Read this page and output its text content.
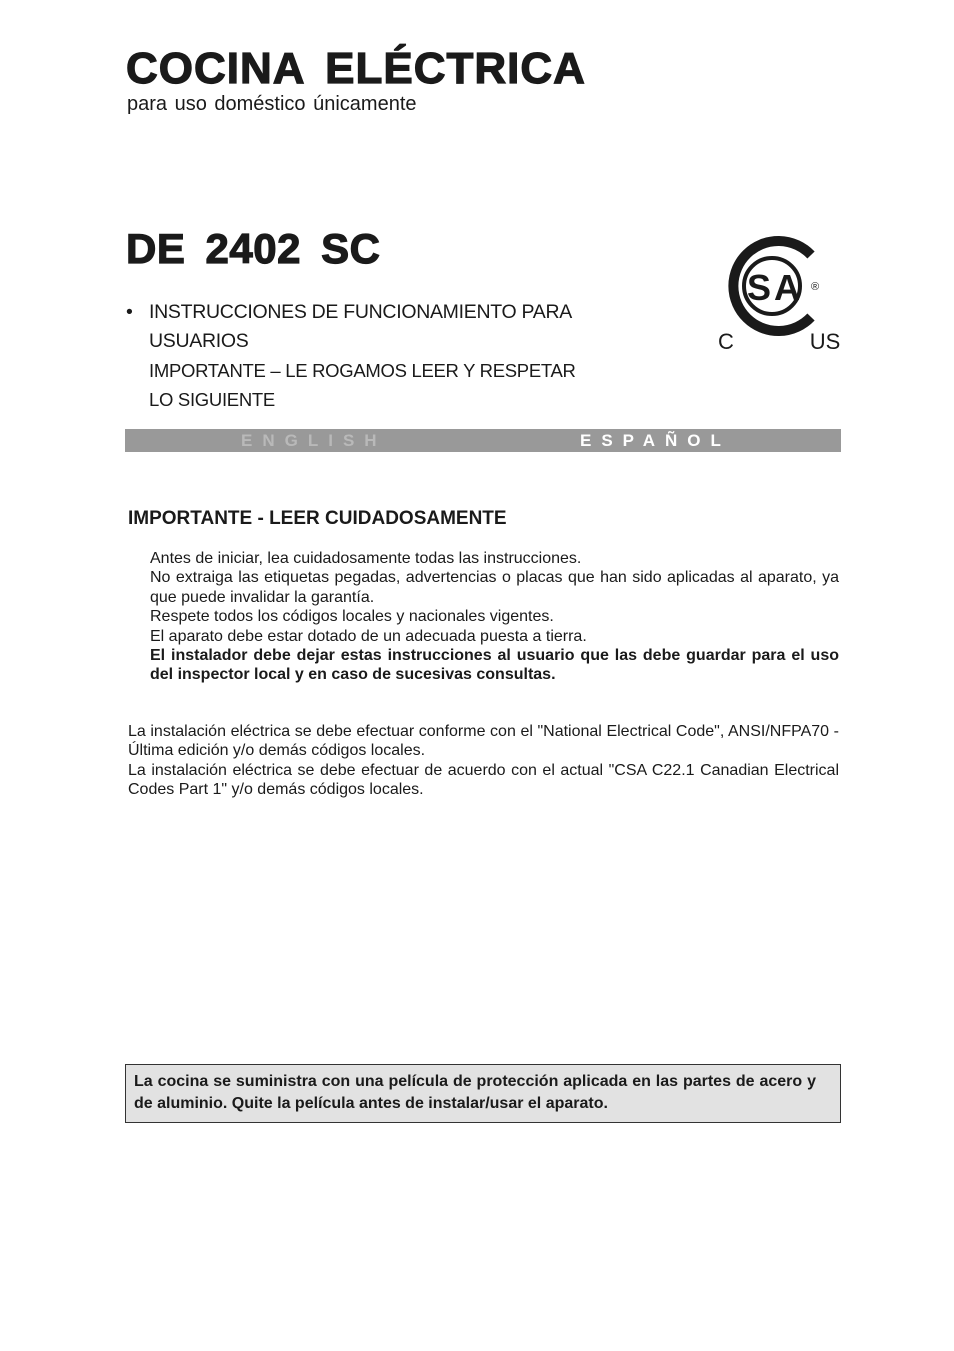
COCINA ELÉCTRICA
para uso doméstico únicamente
DE 2402 SC
• INSTRUCCIONES DE FUNCIONAMIENTO PARA
USUARIOS
IMPORTANTE – LE ROGAMOS LEER Y RESPETAR
LO SIGUIENTE
S A ®
C	US
ENGLISH	ESPAÑOL
IMPORTANTE - LEER CUIDADOSAMENTE

Antes de iniciar, lea cuidadosamente todas las instrucciones.

No extraiga las etiquetas pegadas, advertencias o placas que han sido aplicadas al aparato, ya que puede invalidar la garantía.

Respete todos los códigos locales y nacionales vigentes.

El aparato debe estar dotado de un adecuada puesta a tierra.

El instalador debe dejar estas instrucciones al usuario que las debe guardar para el uso del inspector local y en caso de sucesivas consultas.

La instalación eléctrica se debe efectuar conforme con el "National Electrical Code", ANSI/NFPA70 - Última edición y/o demás códigos locales.

La instalación eléctrica se debe efectuar de acuerdo con el actual "CSA C22.1 Canadian Electrical Codes Part 1" y/o demás códigos locales.

La cocina se suministra con una película de protección aplicada en las partes de acero y de aluminio. Quite la película antes de instalar/usar el aparato.
